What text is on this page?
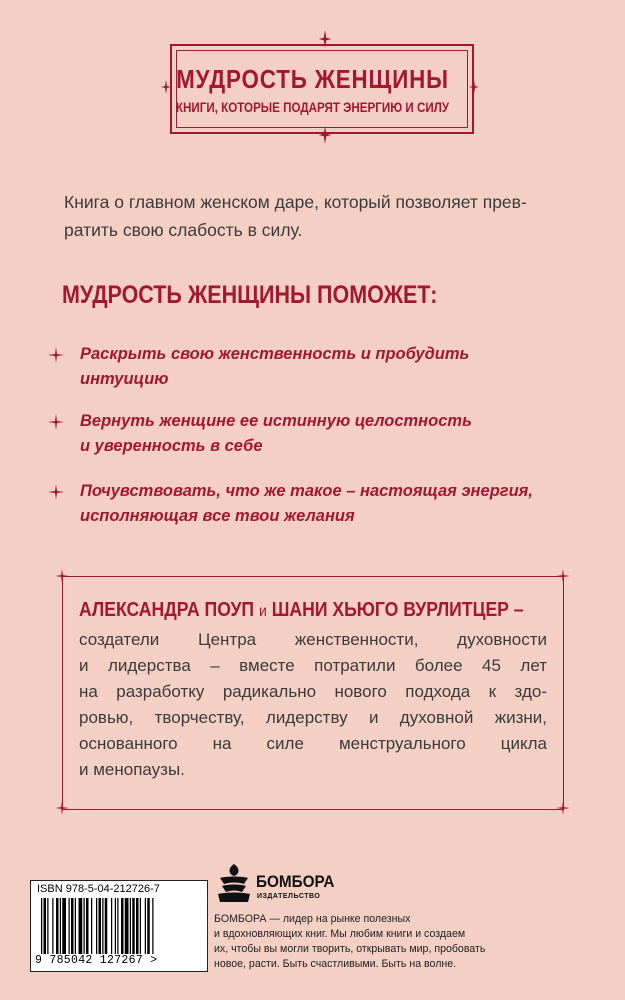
МУДРОСТЬ ЖЕНЩИНЫ
КНИГИ, КОТОРЫЕ ПОДАРЯТ ЭНЕРГИЮ И СИЛУ
Книга о главном женском даре, который позволяет прев-
ратить свою слабость в силу.
МУДРОСТЬ ЖЕНЩИНЫ ПОМОЖЕТ:
Раскрыть свою женственность и пробудить
интуицию
Вернуть женщине ее истинную целостность
и уверенность в себе
Почувствовать, что же такое – настоящая энергия,
исполняющая все твои желания
АЛЕКСАНДРА ПОУП и ШАНИ ХЬЮГО ВУРЛИТЦЕР –
создатели Центра женственности, духовности
и лидерства – вместе потратили более 45 лет
на разработку радикально нового подхода к здо-
ровью, творчеству, лидерству и духовной жизни,
основанного на силе менструального цикла
и менопаузы.
ISBN 978-5-04-212726-7
9 785042 127267 >
БОМБОРА
ИЗДАТЕЛЬСТВО
БОМБОРА — лидер на рынке полезных
и вдохновляющих книг. Мы любим книги и создаем
их, чтобы вы могли творить, открывать мир, пробовать
новое, расти. Быть счастливыми. Быть на волне.
